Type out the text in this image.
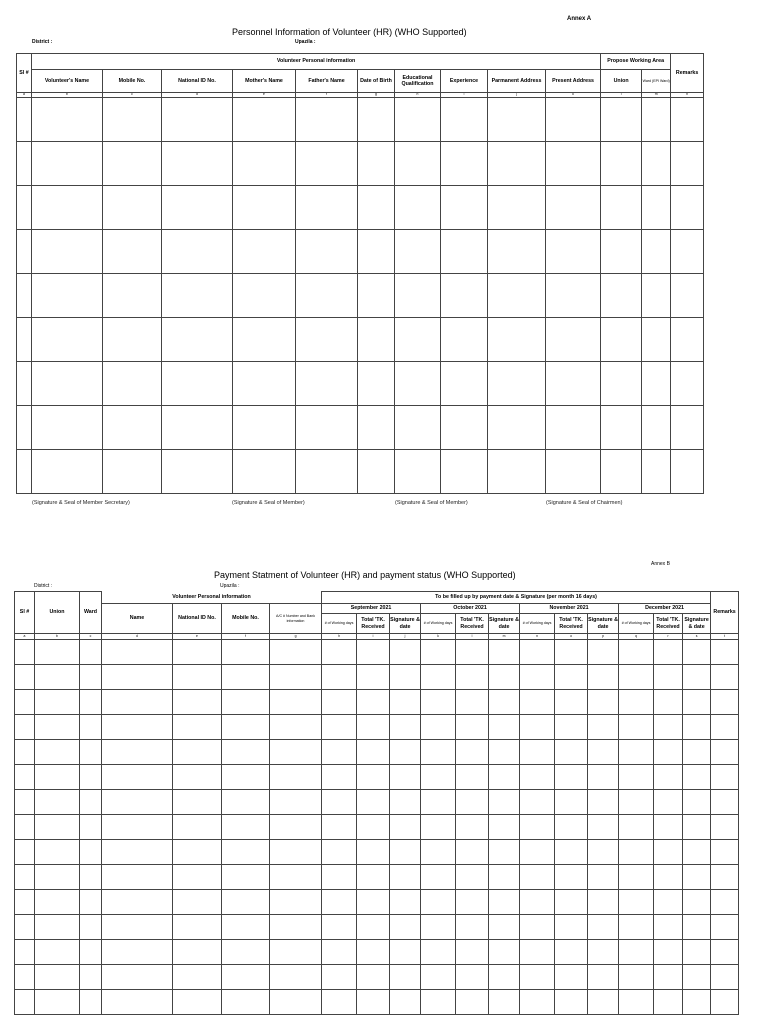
Annex A
Personnel Information of Volunteer (HR) (WHO Supported)
District :	Upazila :
Sl #	Volunteer Personal information										Propose Working Area		Remarks
	Volunteer's Name	Mobile No.	National ID No.	Mother's Name	Father's Name	Date of Birth	Educational Qualification	Experience	Parmanent Address	Present Address	Union	Ward (EPI Ward)	
a	b	c	d	e	f	g	h	i	j	k	l	m	n

(Signature & Seal of Member Secretary)	(Signature & Seal of Member)	(Signature & Seal of Member)	(Signature & Seal of Chairmen)
Annex B
Payment Statment of Volunteer (HR) and payment status (WHO Supported)
District :	Upazila :
Sl #	Union	Ward	Volunteer Personal information				To be filled up by payment date & Signature (per month 16 days)												Remarks
			Name	National ID No.	Mobile No.	A/C # Number and Bank information	September 2021			October 2021			November 2021			December 2021			
							# of Working days	Total 'TK. Received	Signature & date	# of Working days	Total 'TK. Received	Signature & date	# of Working days	Total 'TK. Received	Signature & date	# of Working days	Total 'TK. Received	Signature & date	
a	b	c	d	e	f	g	h	i	j	k	l	m	n	o	p	q	r	s	t
